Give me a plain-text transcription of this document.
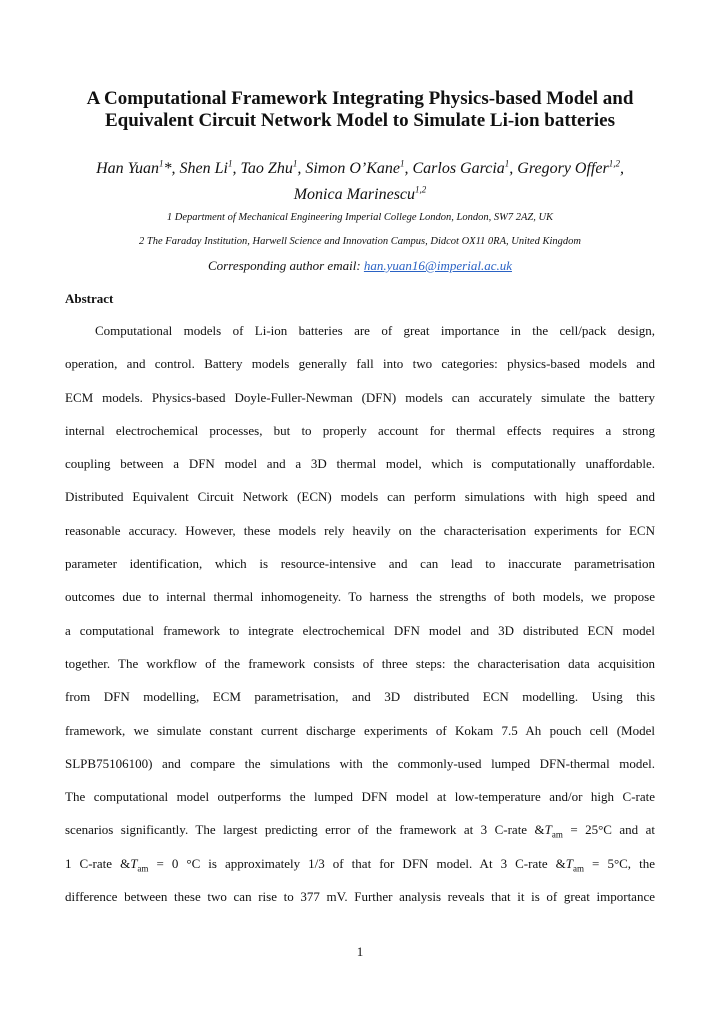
A Computational Framework Integrating Physics-based Model and
Equivalent Circuit Network Model to Simulate Li-ion batteries
Han Yuan$^1$*, Shen Li$^1$, Tao Zhu$^1$, Simon O’Kane$^1$, Carlos Garcia$^1$, Gregory Offer$^{1,2}$,
Monica Marinescu$^{1,2}$
1 Department of Mechanical Engineering Imperial College London, London, SW7 2AZ, UK
2 The Faraday Institution, Harwell Science and Innovation Campus, Didcot OX11 0RA, United Kingdom
Corresponding author email: han.yuan16@imperial.ac.uk
Abstract
Computational models of Li-ion batteries are of great importance in the cell/pack design,
operation, and control. Battery models generally fall into two categories: physics-based models and
ECM models. Physics-based Doyle-Fuller-Newman (DFN) models can accurately simulate the battery
internal electrochemical processes, but to properly account for thermal effects requires a strong
coupling between a DFN model and a 3D thermal model, which is computationally unaffordable.
Distributed Equivalent Circuit Network (ECN) models can perform simulations with high speed and
reasonable accuracy. However, these models rely heavily on the characterisation experiments for ECN
parameter identification, which is resource-intensive and can lead to inaccurate parametrisation
outcomes due to internal thermal inhomogeneity. To harness the strengths of both models, we propose
a computational framework to integrate electrochemical DFN model and 3D distributed ECN model
together. The workflow of the framework consists of three steps: the characterisation data acquisition
from DFN modelling, ECM parametrisation, and 3D distributed ECN modelling. Using this
framework, we simulate constant current discharge experiments of Kokam 7.5 Ah pouch cell (Model
SLPB75106100) and compare the simulations with the commonly-used lumped DFN-thermal model.
The computational model outperforms the lumped DFN model at low-temperature and/or high C-rate
scenarios significantly. The largest predicting error of the framework at 3 C-rate $\&T_{am} = 25^\circ C$ and at
1 C-rate $\&T_{am} = 0$ °C is approximately 1/3 of that for DFN model. At 3 C-rate $\&T_{am} = 5^\circ C$, the
difference between these two can rise to 377 mV. Further analysis reveals that it is of great importance
1
